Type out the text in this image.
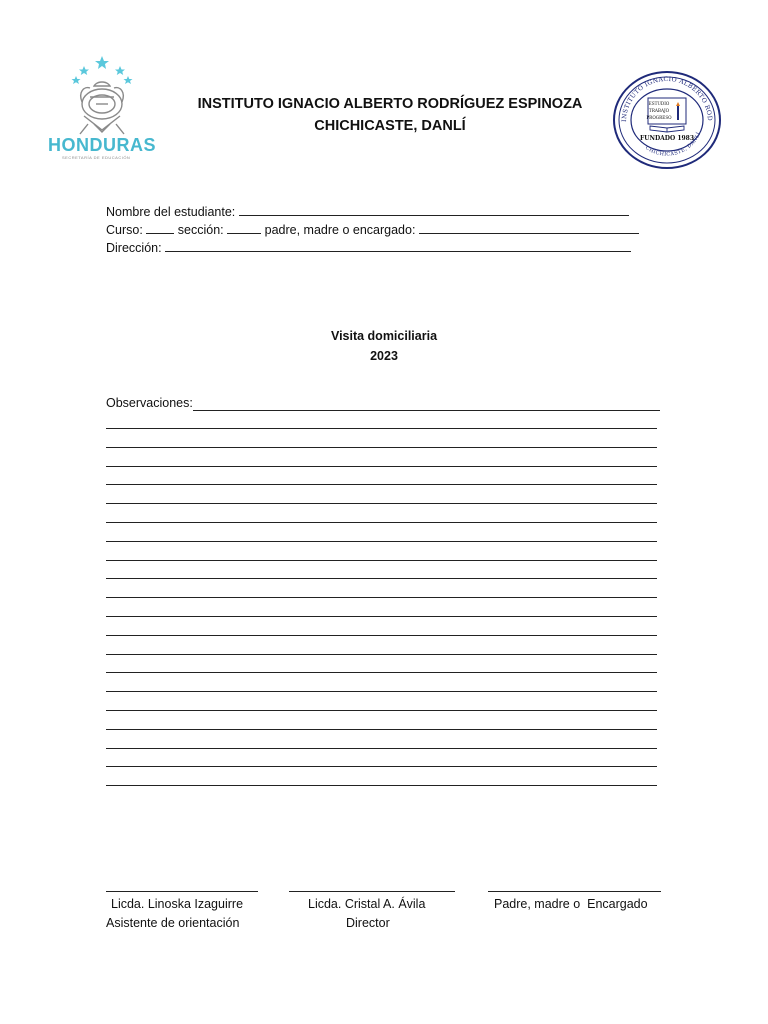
HONDURAS
SECRETARÍA DE EDUCACIÓN
INSTITUTO IGNACIO ALBERTO RODRÍGUEZ ESPINOZA
CHICHICASTE, DANLÍ	INSTITUTO IGNACIO ALBERTO ROD
CHICHICASTE, DANLÍ
ESTUDIO
TRABAJO
PROGRESO
FUNDADO 1983
Nombre del estudiante:
Curso:	sección:	padre, madre o encargado:
Dirección:
Visita domiciliaria
2023
Observaciones:
Licda. Linoska Izaguirre
Asistente de orientación
Licda. Cristal A. Ávila
Director
Padre, madre o  Encargado
